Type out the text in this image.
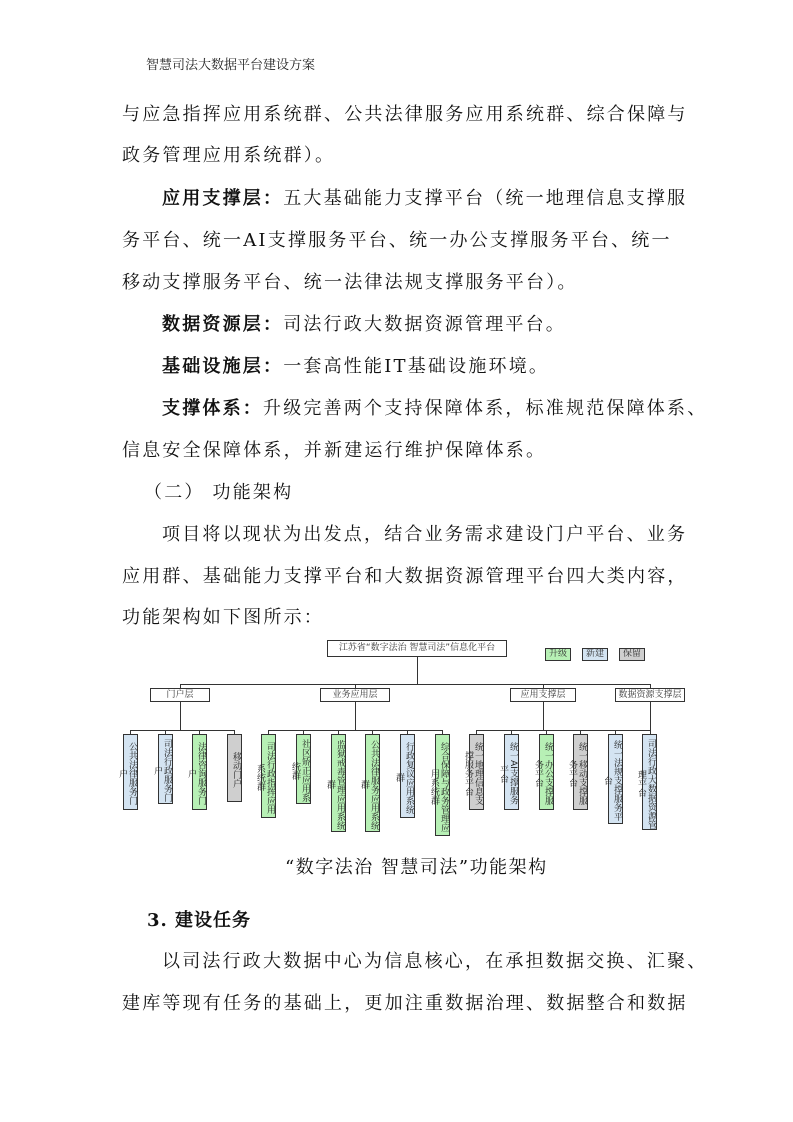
智慧司法大数据平台建设方案
与应急指挥应用系统群、公共法律服务应用系统群、综合保障与
政务管理应用系统群）。
应用支撑层：五大基础能力支撑平台（统一地理信息支撑服
务平台、统一AI支撑服务平台、统一办公支撑服务平台、统一
移动支撑服务平台、统一法律法规支撑服务平台）。
数据资源层：司法行政大数据资源管理平台。
基础设施层：一套高性能IT基础设施环境。
支撑体系：升级完善两个支持保障体系，标准规范保障体系、
信息安全保障体系，并新建运行维护保障体系。
（二） 功能架构
项目将以现状为出发点，结合业务需求建设门户平台、业务
应用群、基础能力支撑平台和大数据资源管理平台四大类内容，
功能架构如下图所示：
江苏省“数字法治 智慧司法”信息化平台
升级	新建	保留
门户层	业务应用层	应用支撑层	数据资源支撑层
公共法律服务门户	司法行政服务门户	法律咨询服务门户	移动门户	司法行政指挥应用系统群	社区矫正应用系统群	监狱戒毒管理应用系统群	公共法律服务应用系统群	行政复议应用系统群	综合保障与政务管理应用系统群	统一地理信息支撑服务平台	统一AI支撑服务平台	统一办公支撑服务平台	统一移动支撑服务平台	统一法规支撑服务平台	司法行政大数据资源管理平台
“数字法治 智慧司法”功能架构
3. 建设任务
以司法行政大数据中心为信息核心，在承担数据交换、汇聚、
建库等现有任务的基础上，更加注重数据治理、数据整合和数据
